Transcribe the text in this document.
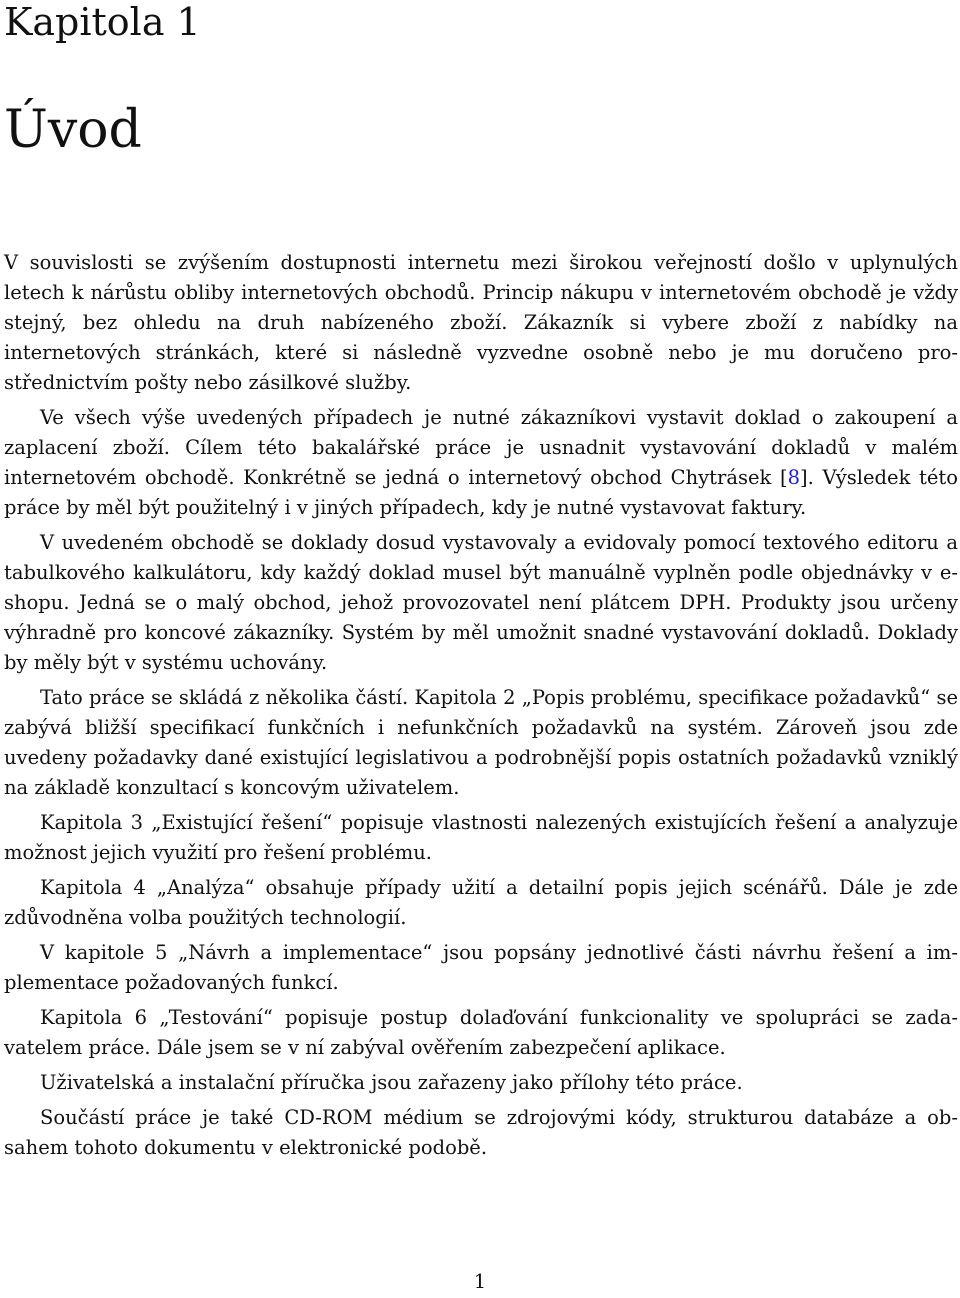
Kapitola 1
Úvod

V souvislosti se zvýšením dostupnosti internetu mezi širokou veřejností došlo v uplynulých letech k nárůstu obliby internetových obchodů. Princip nákupu v internetovém obchodě je vždy stejný, bez ohledu na druh nabízeného zboží. Zákazník si vybere zboží z nabídky na internetových stránkách, které si následně vyzvedne osobně nebo je mu doručeno prostřednictvím pošty nebo zásilkové služby.

Ve všech výše uvedených případech je nutné zákazníkovi vystavit doklad o zakoupení a zaplacení zboží. Cílem této bakalářské práce je usnadnit vystavování dokladů v malém internetovém obchodě. Konkrétně se jedná o internetový obchod Chytrásek [8]. Výsledek této práce by měl být použitelný i v jiných případech, kdy je nutné vystavovat faktury.

V uvedeném obchodě se doklady dosud vystavovaly a evidovaly pomocí textového editoru a tabulkového kalkulátoru, kdy každý doklad musel být manuálně vyplněn podle objednávky v e-shopu. Jedná se o malý obchod, jehož provozovatel není plátcem DPH. Produkty jsou určeny výhradně pro koncové zákazníky. Systém by měl umožnit snadné vystavování dokladů. Doklady by měly být v systému uchovány.

Tato práce se skládá z několika částí. Kapitola 2 „Popis problému, specifikace požadavků“ se zabývá bližší specifikací funkčních i nefunkčních požadavků na systém. Zároveň jsou zde uvedeny požadavky dané existující legislativou a podrobnější popis ostatních požadavků vzniklý na základě konzultací s koncovým uživatelem.

Kapitola 3 „Existující řešení“ popisuje vlastnosti nalezených existujících řešení a analyzuje možnost jejich využití pro řešení problému.

Kapitola 4 „Analýza“ obsahuje případy užití a detailní popis jejich scénářů. Dále je zde zdůvodněna volba použitých technologií.

V kapitole 5 „Návrh a implementace“ jsou popsány jednotlivé části návrhu řešení a implementace požadovaných funkcí.

Kapitola 6 „Testování“ popisuje postup dolaďování funkcionality ve spolupráci se zadavatelem práce. Dále jsem se v ní zabýval ověřením zabezpečení aplikace.

Uživatelská a instalační příručka jsou zařazeny jako přílohy této práce.

Součástí práce je také CD-ROM médium se zdrojovými kódy, strukturou databáze a obsahem tohoto dokumentu v elektronické podobě.

1
